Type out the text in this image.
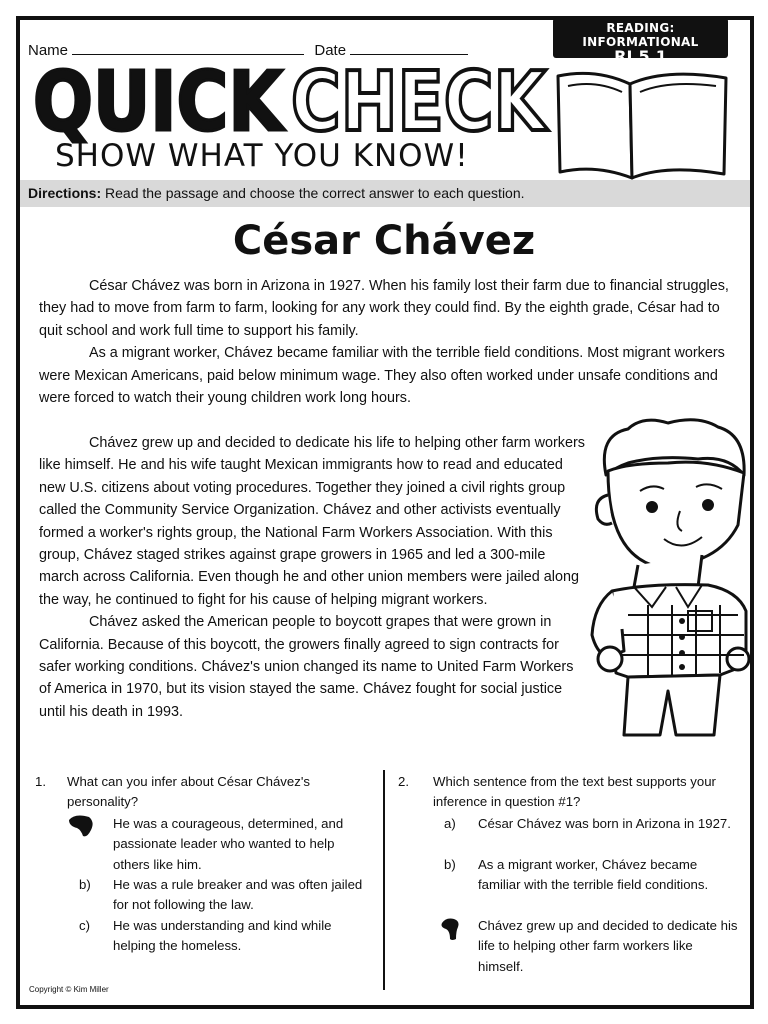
Name	Date
READING: INFORMATIONAL
RI.5.1
QUICK CHECK
SHOW WHAT YOU KNOW!
Directions: Read the passage and choose the correct answer to each question.
César Chávez

César Chávez was born in Arizona in 1927. When his family lost their farm due to financial struggles, they had to move from farm to farm, looking for any work they could find. By the eighth grade, César had to quit school and work full time to support his family.

As a migrant worker, Chávez became familiar with the terrible field conditions. Most migrant workers were Mexican Americans, paid below minimum wage. They also often worked under unsafe conditions and were forced to watch their young children work long hours.

Chávez grew up and decided to dedicate his life to helping other farm workers like himself. He and his wife taught Mexican immigrants how to read and educated new U.S. citizens about voting procedures. Together they joined a civil rights group called the Community Service Organization. Chávez and other activists eventually formed a worker's rights group, the National Farm Workers Association. With this group, Chávez staged strikes against grape growers in 1965 and led a 300-mile march across California. Even though he and other union members were jailed along the way, he continued to fight for his cause of helping migrant workers.

Chávez asked the American people to boycott grapes that were grown in California. Because of this boycott, the growers finally agreed to sign contracts for safer working conditions. Chávez's union changed its name to United Farm Workers of America in 1970, but its vision stayed the same. Chávez fought for social justice until his death in 1993.

1. What can you infer about César Chávez's personality?
He was a courageous, determined, and passionate leader who wanted to help others like him.
b) He was a rule breaker and was often jailed for not following the law.
c) He was understanding and kind while helping the homeless.
2. Which sentence from the text best supports your inference in question #1?
a) César Chávez was born in Arizona in 1927.
b) As a migrant worker, Chávez became familiar with the terrible field conditions.
Chávez grew up and decided to dedicate his life to helping other farm workers like himself.
Copyright © Kim Miller
